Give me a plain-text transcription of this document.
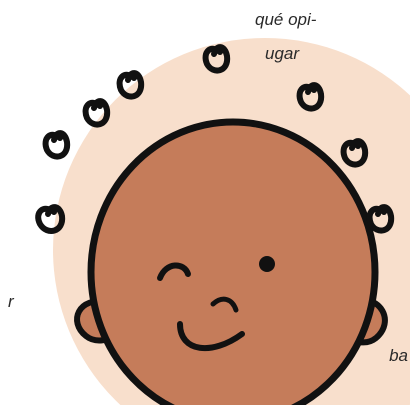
qué opi-
ugar
r
ba
